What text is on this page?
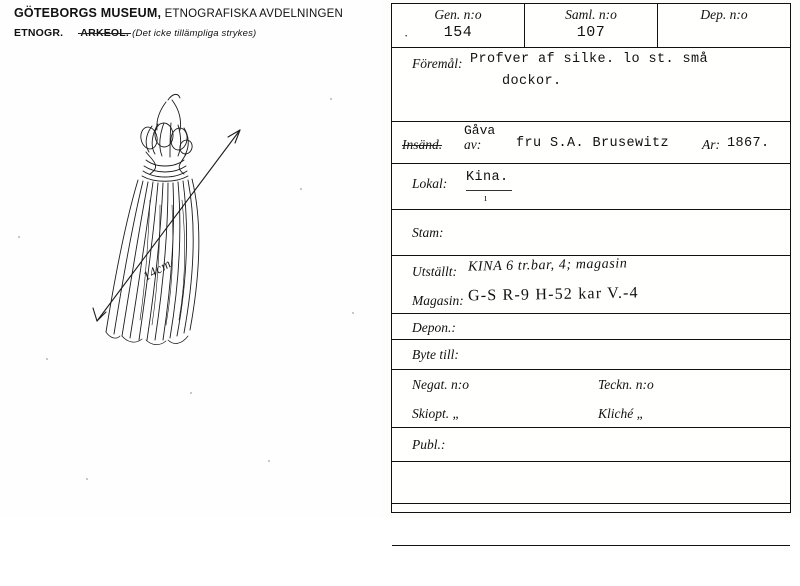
GÖTEBORGS MUSEUM, ETNOGRAFISKA AVDELNINGEN
ETNOGR. ARKEOL. (Det icke tillämpliga strykes)
14cm
·
Gen. n:o
154
Saml. n:o
107
Dep. n:o
Föremål: Profver af silke. lo st. små
dockor.
Gåva
Insänd. av:	fru S.A. Brusewitz Ar: 1867.
Lokal: Kina.
ı
Stam:
Utställt: KINA 6 tr.bar, 4; magasin
Magasin: G-S R-9 H-52 kar V.-4
Depon.:
Byte till:
Negat. n:o	Teckn. n:o
Skiopt. „	Kliché „
Publ.:
